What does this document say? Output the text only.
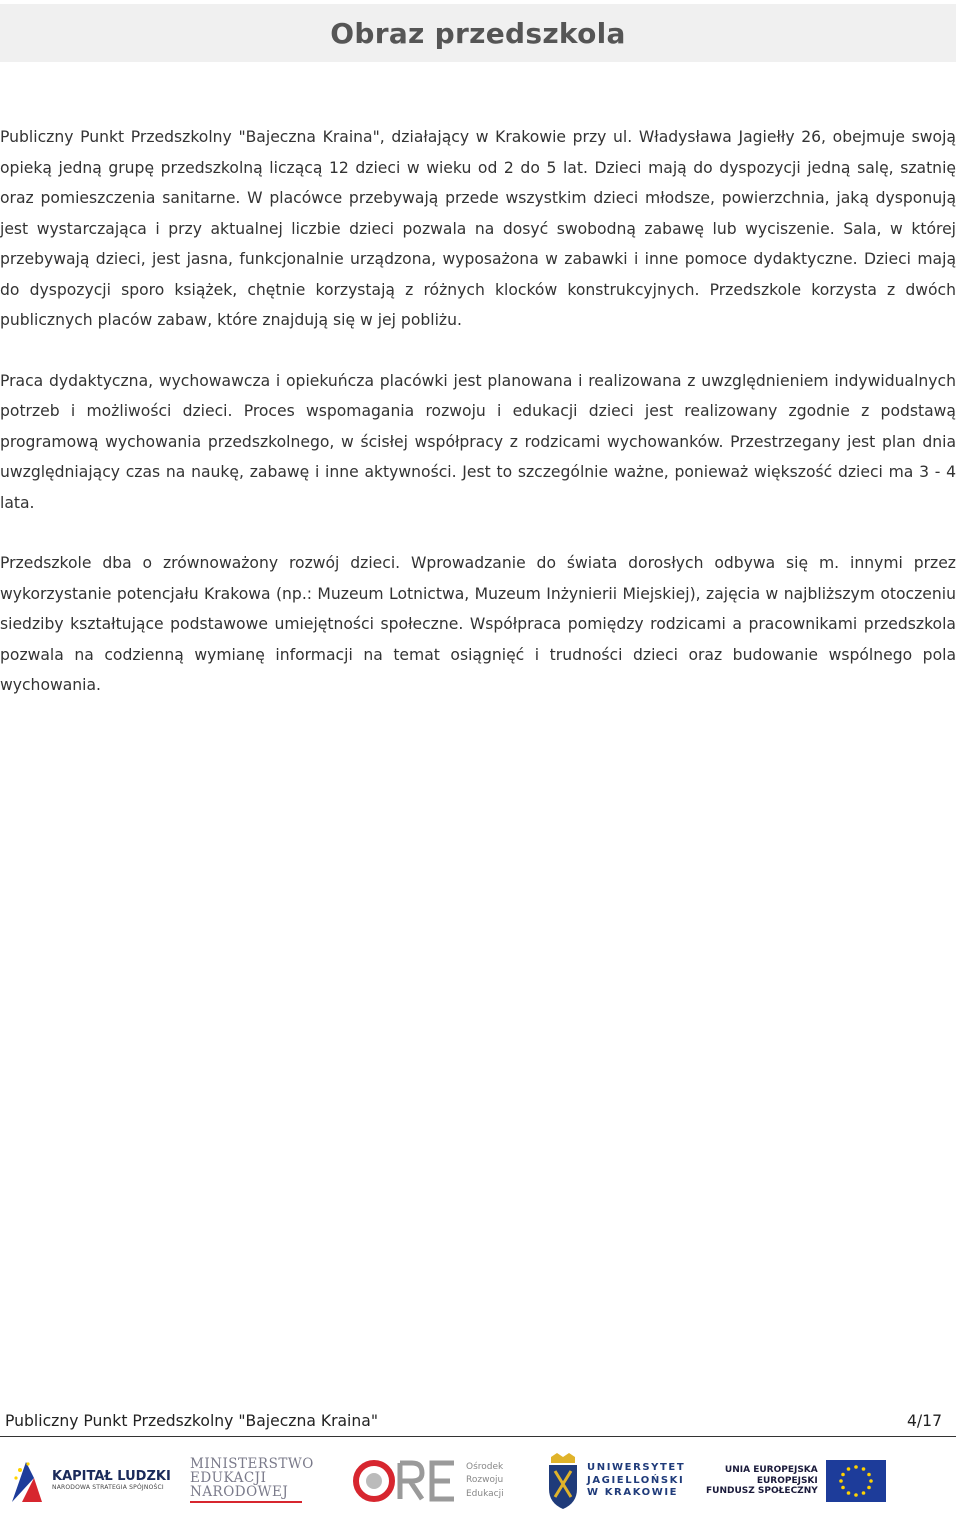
Obraz przedszkola

Publiczny Punkt Przedszkolny "Bajeczna Kraina", działający w Krakowie przy ul. Władysława Jagiełły 26, obejmuje swoją opieką jedną grupę przedszkolną liczącą 12 dzieci w wieku od 2 do 5 lat. Dzieci mają do dyspozycji jedną salę, szatnię oraz pomieszczenia sanitarne. W placówce przebywają przede wszystkim dzieci młodsze, powierzchnia, jaką dysponują jest wystarczająca i przy aktualnej liczbie dzieci pozwala na dosyć swobodną zabawę lub wyciszenie. Sala, w której przebywają dzieci, jest jasna, funkcjonalnie urządzona, wyposażona w zabawki i inne pomoce dydaktyczne. Dzieci mają do dyspozycji sporo książek, chętnie korzystają z różnych klocków konstrukcyjnych. Przedszkole korzysta z dwóch publicznych placów zabaw, które znajdują się w jej pobliżu.

Praca dydaktyczna, wychowawcza i opiekuńcza placówki jest planowana i realizowana z uwzględnieniem indywidualnych potrzeb i możliwości dzieci. Proces wspomagania rozwoju i edukacji dzieci jest realizowany zgodnie z podstawą programową wychowania przedszkolnego, w ścisłej współpracy z rodzicami wychowanków. Przestrzegany jest plan dnia uwzględniający czas na naukę, zabawę i inne aktywności. Jest to szczególnie ważne, ponieważ większość dzieci ma 3 - 4 lata.

Przedszkole dba o zrównoważony rozwój dzieci. Wprowadzanie do świata dorosłych odbywa się m. innymi przez wykorzystanie potencjału Krakowa (np.: Muzeum Lotnictwa, Muzeum Inżynierii Miejskiej), zajęcia w najbliższym otoczeniu siedziby kształtujące podstawowe umiejętności społeczne. Współpraca pomiędzy rodzicami a pracownikami przedszkola pozwala na codzienną wymianę informacji na temat osiągnięć i trudności dzieci oraz budowanie wspólnego pola wychowania.

Publiczny Punkt Przedszkolny "Bajeczna Kraina"	4/17
KAPITAŁ LUDZKI
NARODOWA STRATEGIA SPÓJNOŚCI
MINISTERSTWO
EDUKACJI
NARODOWEJ
Ośrodek
Rozwoju
Edukacji
UNIWERSYTET
JAGIELLOŃSKI
W KRAKOWIE
UNIA EUROPEJSKA
EUROPEJSKI
FUNDUSZ SPOŁECZNY
